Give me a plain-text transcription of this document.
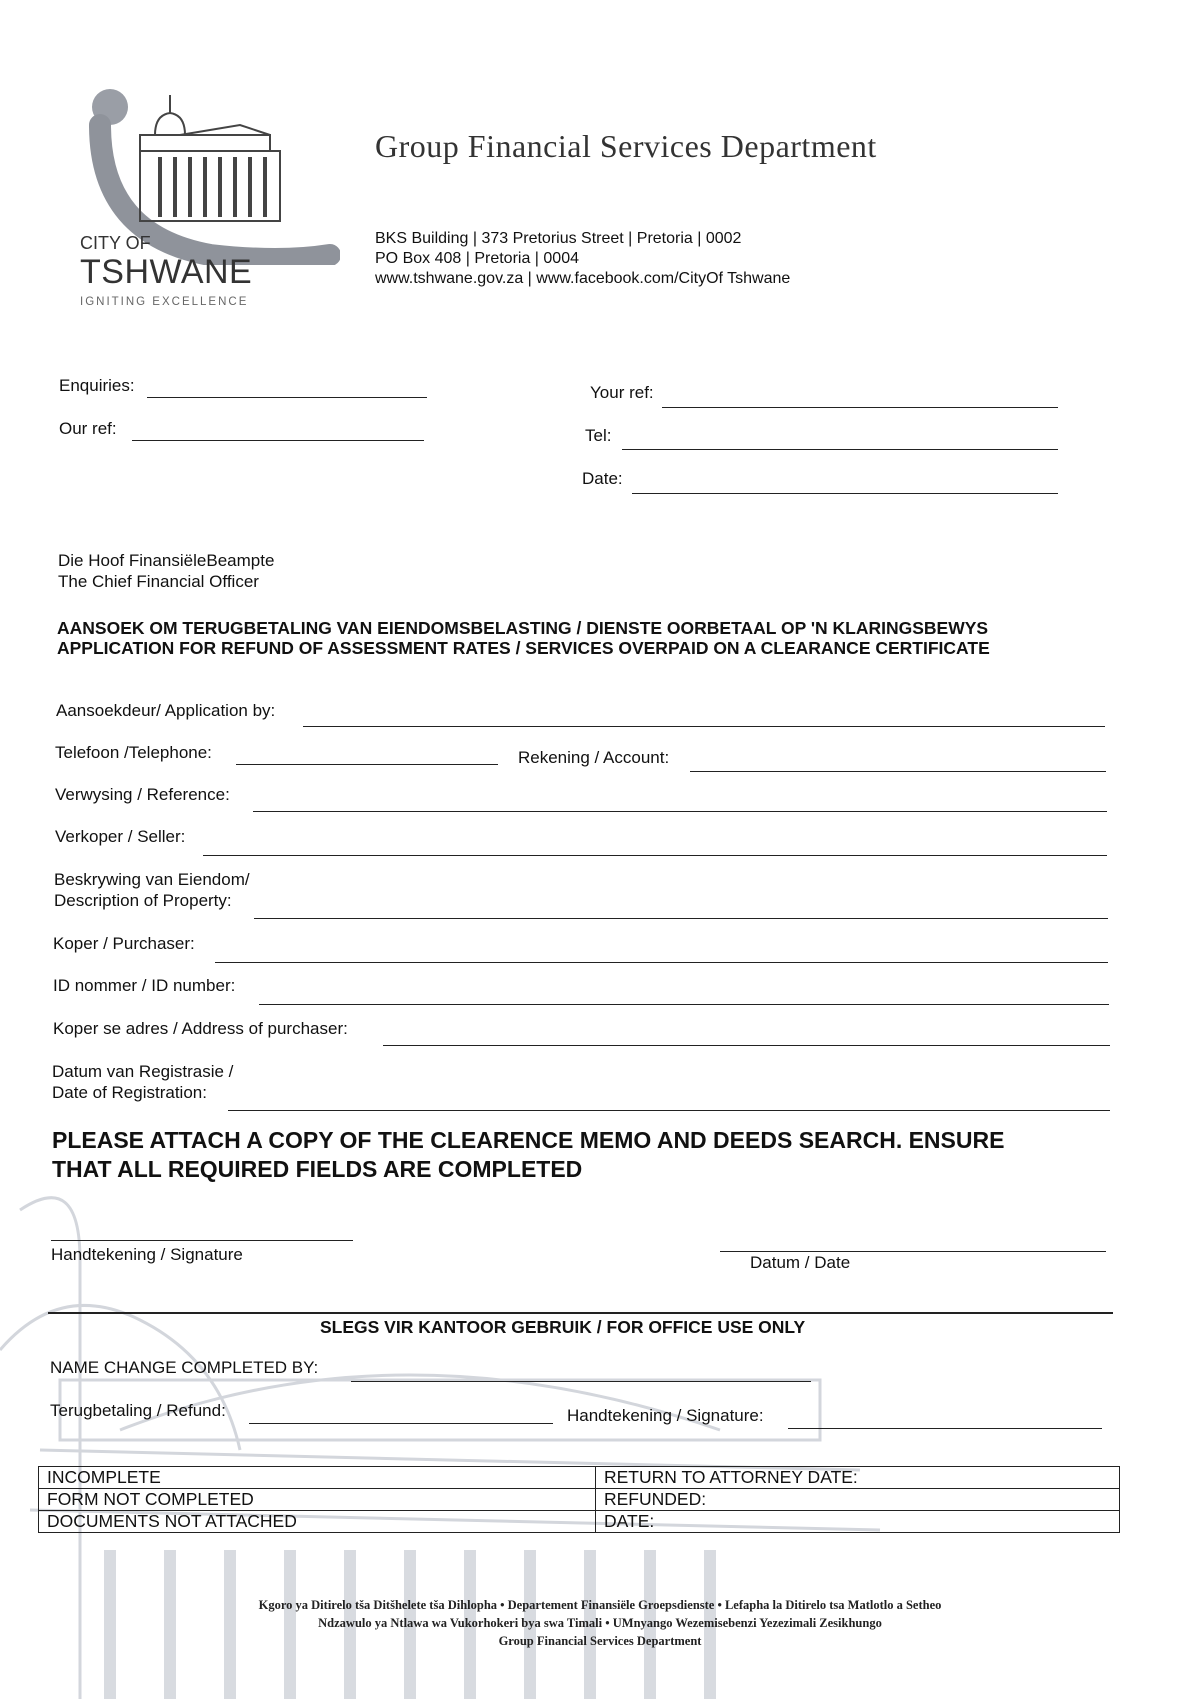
CITY OF
TSHWANE
IGNITING EXCELLENCE
Group Financial Services Department
BKS Building | 373 Pretorius Street | Pretoria | 0002
PO Box 408 | Pretoria | 0004
www.tshwane.gov.za | www.facebook.com/CityOf Tshwane
Enquiries:
Our ref:
Your ref:
Tel:
Date:
Die Hoof FinansiëleBeampte
The Chief Financial Officer
AANSOEK OM TERUGBETALING VAN EIENDOMSBELASTING / DIENSTE OORBETAAL OP 'N KLARINGSBEWYS
APPLICATION FOR REFUND OF ASSESSMENT RATES / SERVICES OVERPAID ON A CLEARANCE CERTIFICATE
Aansoekdeur/ Application by:
Telefoon /Telephone:	Rekening / Account:
Verwysing / Reference:
Verkoper / Seller:
Beskrywing van Eiendom/
Description of Property:
Koper / Purchaser:
ID nommer / ID number:
Koper se adres / Address of purchaser:
Datum van Registrasie /
Date of Registration:
PLEASE ATTACH A COPY OF THE CLEARENCE MEMO AND DEEDS SEARCH. ENSURE
THAT ALL REQUIRED FIELDS ARE COMPLETED
Handtekening / Signature	Datum / Date
SLEGS VIR KANTOOR GEBRUIK / FOR OFFICE USE ONLY
NAME CHANGE COMPLETED BY:
Terugbetaling / Refund:	Handtekening / Signature:
INCOMPLETE	RETURN TO ATTORNEY DATE:
FORM NOT COMPLETED	REFUNDED:
DOCUMENTS NOT ATTACHED	DATE:
Kgoro ya Ditirelo tša Ditšhelete tša Dihlopha • Departement Finansiële Groepsdienste • Lefapha la Ditirelo tsa Matlotlo a Setheo
Ndzawulo ya Ntlawa wa Vukorhokeri bya swa Timali • UMnyango Wezemisebenzi Yezezimali Zesikhungo
Group Financial Services Department
